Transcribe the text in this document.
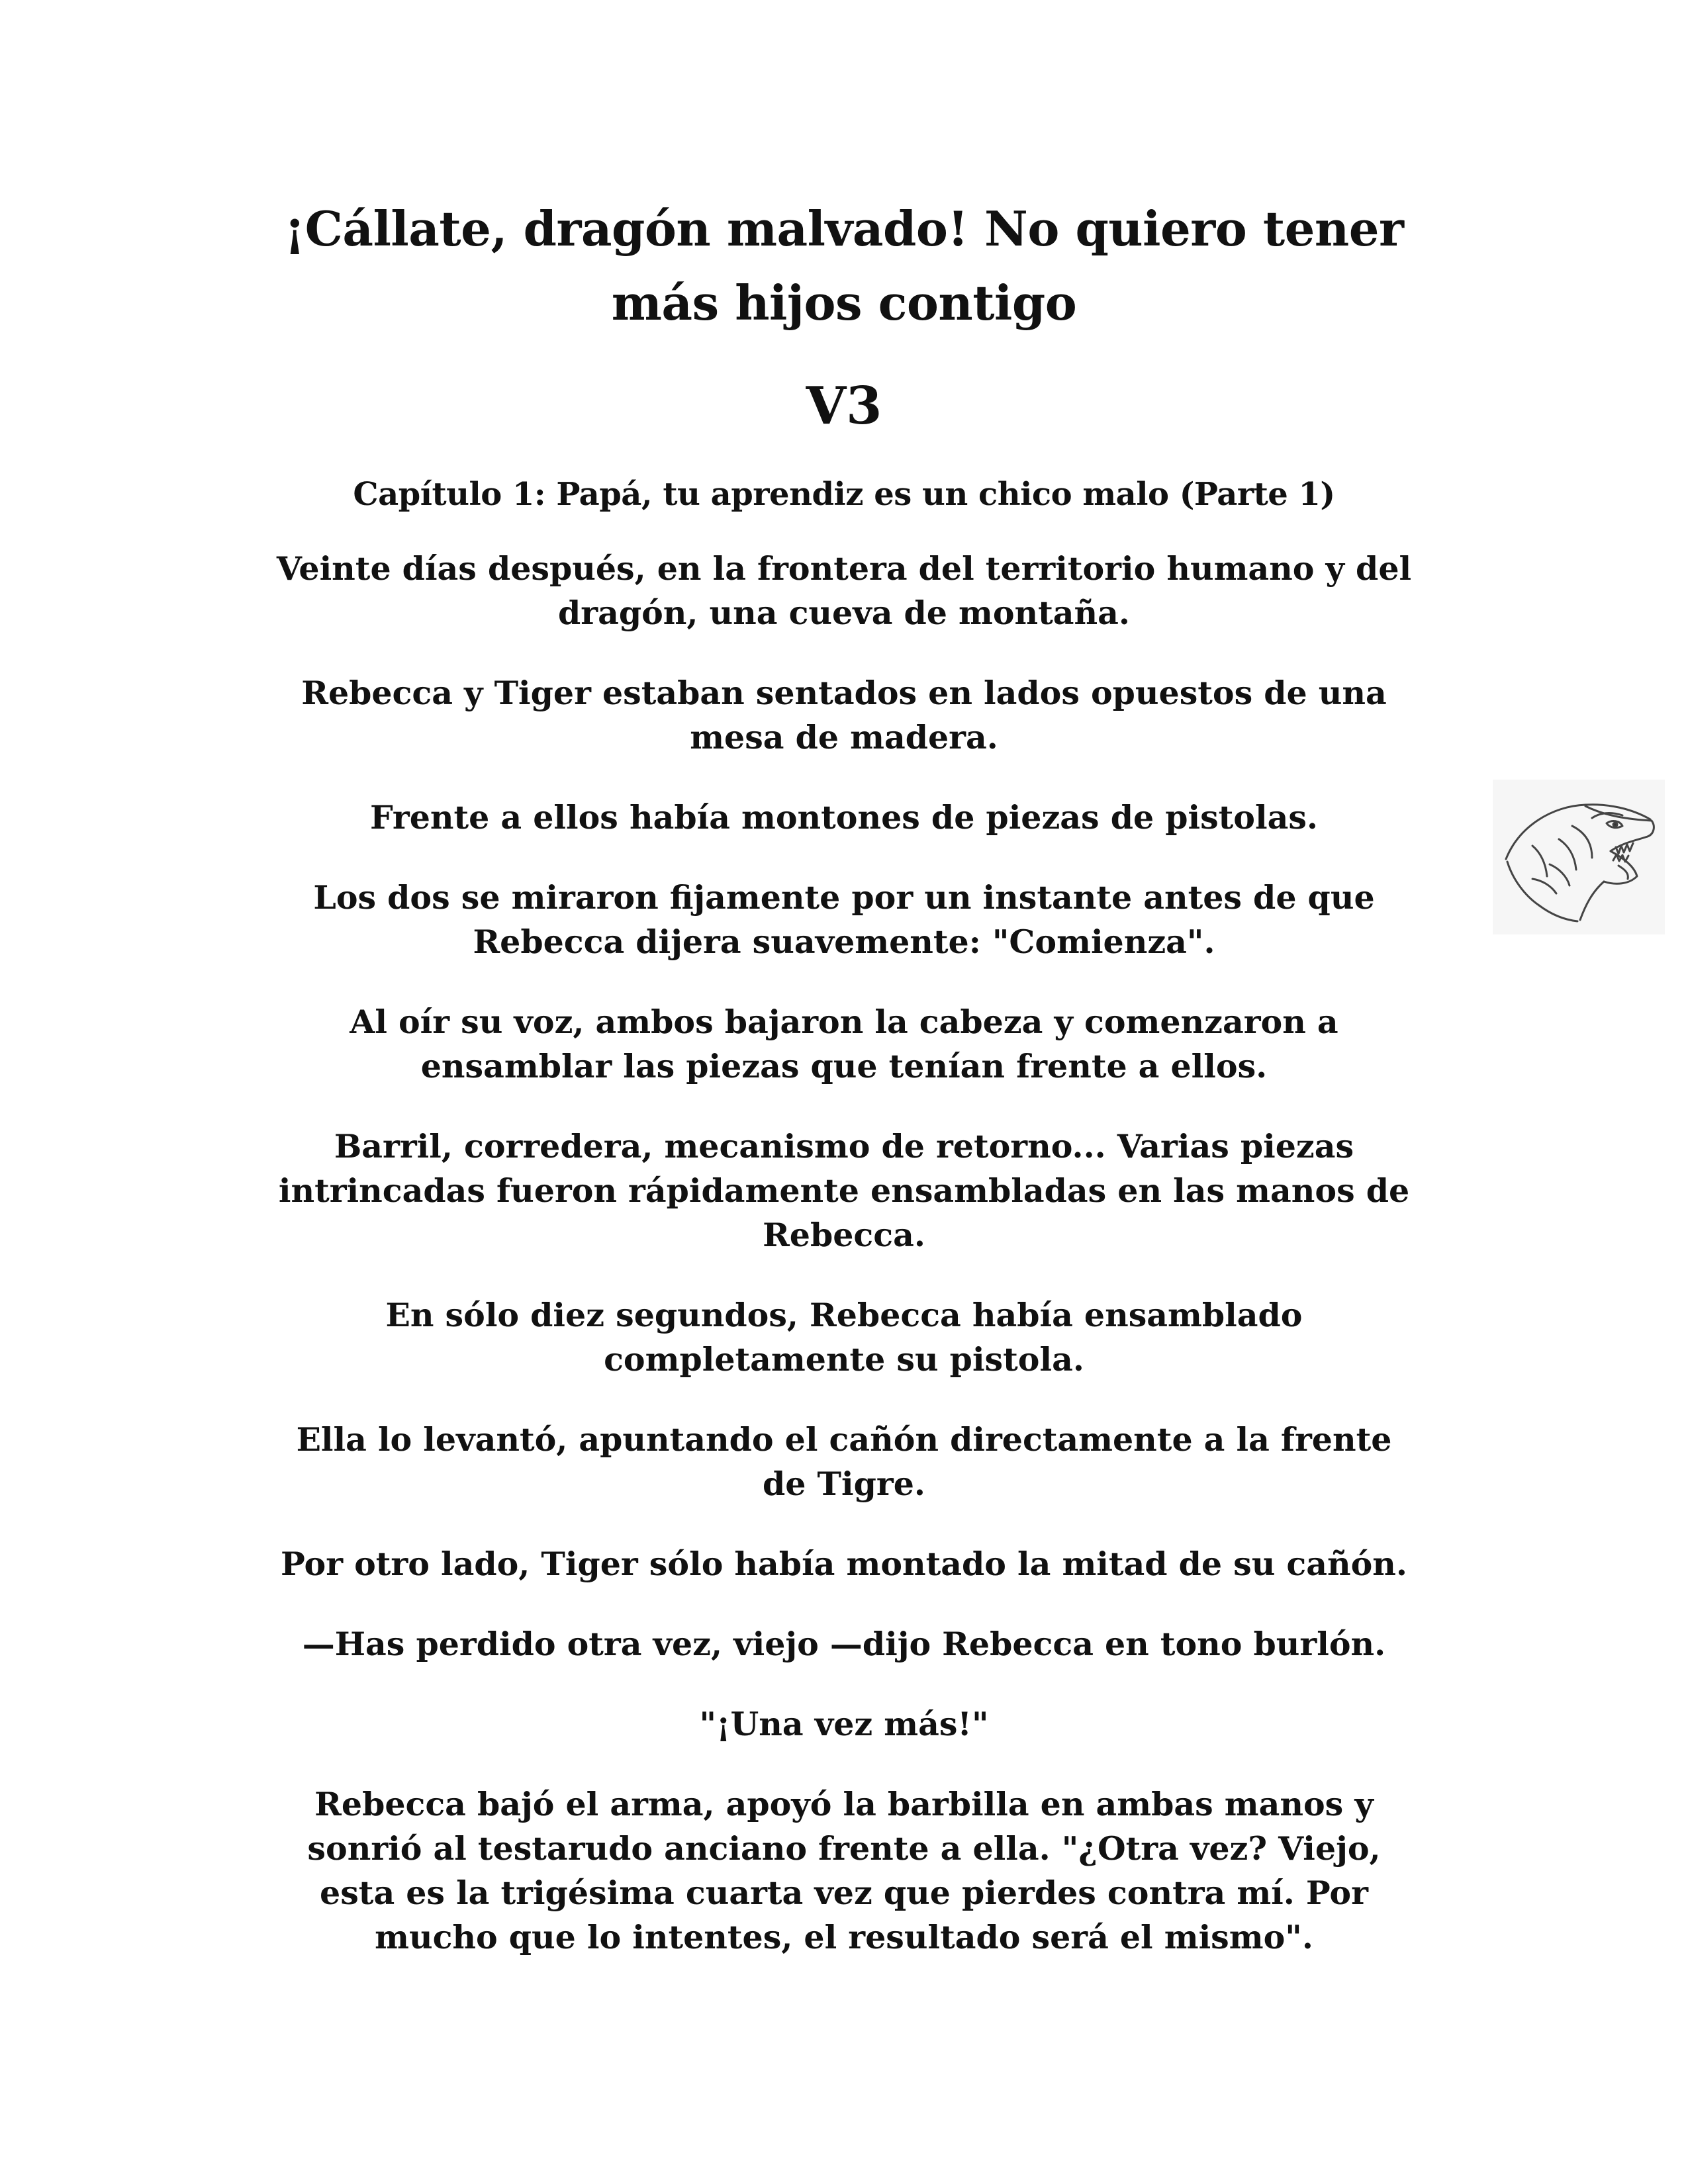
¡Cállate, dragón malvado! No quiero tener
más hijos contigo
V3
Capítulo 1: Papá, tu aprendiz es un chico malo (Parte 1)
Veinte días después, en la frontera del territorio humano y del
dragón, una cueva de montaña.
Rebecca y Tiger estaban sentados en lados opuestos de una
mesa de madera.
Frente a ellos había montones de piezas de pistolas.
Los dos se miraron fijamente por un instante antes de que
Rebecca dijera suavemente: "Comienza".
Al oír su voz, ambos bajaron la cabeza y comenzaron a
ensamblar las piezas que tenían frente a ellos.
Barril, corredera, mecanismo de retorno... Varias piezas
intrincadas fueron rápidamente ensambladas en las manos de
Rebecca.
En sólo diez segundos, Rebecca había ensamblado
completamente su pistola.
Ella lo levantó, apuntando el cañón directamente a la frente
de Tigre.
Por otro lado, Tiger sólo había montado la mitad de su cañón.
—Has perdido otra vez, viejo —dijo Rebecca en tono burlón.
"¡Una vez más!"
Rebecca bajó el arma, apoyó la barbilla en ambas manos y
sonrió al testarudo anciano frente a ella. "¿Otra vez? Viejo,
esta es la trigésima cuarta vez que pierdes contra mí. Por
mucho que lo intentes, el resultado será el mismo".
